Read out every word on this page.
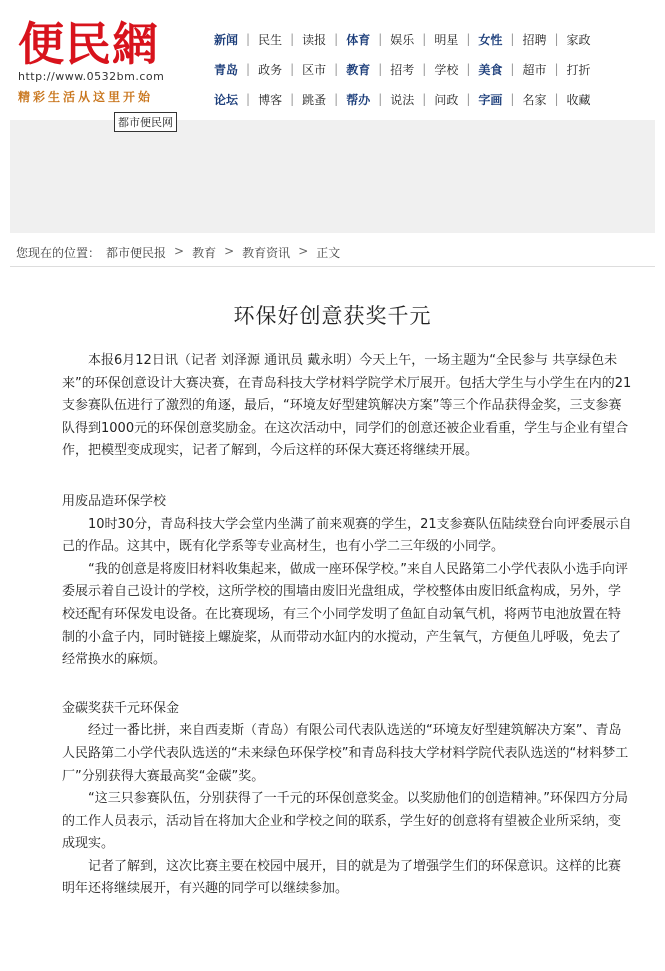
便民網
http://www.0532bm.com
精彩生活从这里开始
新闻 | 民生 | 读报 | 体育 | 娱乐 | 明星 | 女性 | 招聘 | 家政
青岛 | 政务 | 区市 | 教育 | 招考 | 学校 | 美食 | 超市 | 打折
论坛 | 博客 | 跳蚤 | 帮办 | 说法 | 问政 | 字画 | 名家 | 收藏
都市便民网
您现在的位置： 都市便民报 > 教育 > 教育资讯 > 正文
环保好创意获奖千元

本报6月12日讯（记者 刘泽源 通讯员 戴永明）今天上午，一场主题为“全民参与 共享绿色未来”的环保创意设计大赛决赛，在青岛科技大学材料学院学术厅展开。包括大学生与小学生在内的21支参赛队伍进行了激烈的角逐，最后，“环境友好型建筑解决方案”等三个作品获得金奖，三支参赛队得到1000元的环保创意奖励金。在这次活动中，同学们的创意还被企业看重，学生与企业有望合作，把模型变成现实，记者了解到，今后这样的环保大赛还将继续开展。

用废品造环保学校

10时30分，青岛科技大学会堂内坐满了前来观赛的学生，21支参赛队伍陆续登台向评委展示自己的作品。这其中，既有化学系等专业高材生，也有小学二三年级的小同学。

“我的创意是将废旧材料收集起来，做成一座环保学校。”来自人民路第二小学代表队小选手向评委展示着自己设计的学校，这所学校的围墙由废旧光盘组成，学校整体由废旧纸盒构成，另外，学校还配有环保发电设备。在比赛现场，有三个小同学发明了鱼缸自动氧气机，将两节电池放置在特制的小盒子内，同时链接上螺旋桨，从而带动水缸内的水搅动，产生氧气，方便鱼儿呼吸，免去了经常换水的麻烦。

金碳奖获千元环保金

经过一番比拼，来自西麦斯（青岛）有限公司代表队选送的“环境友好型建筑解决方案”、青岛人民路第二小学代表队选送的“未来绿色环保学校”和青岛科技大学材料学院代表队选送的“材料梦工厂”分别获得大赛最高奖“金碳”奖。

“这三只参赛队伍，分别获得了一千元的环保创意奖金。以奖励他们的创造精神。”环保四方分局的工作人员表示，活动旨在将加大企业和学校之间的联系，学生好的创意将有望被企业所采纳，变成现实。

记者了解到，这次比赛主要在校园中展开，目的就是为了增强学生们的环保意识。这样的比赛明年还将继续展开，有兴趣的同学可以继续参加。
